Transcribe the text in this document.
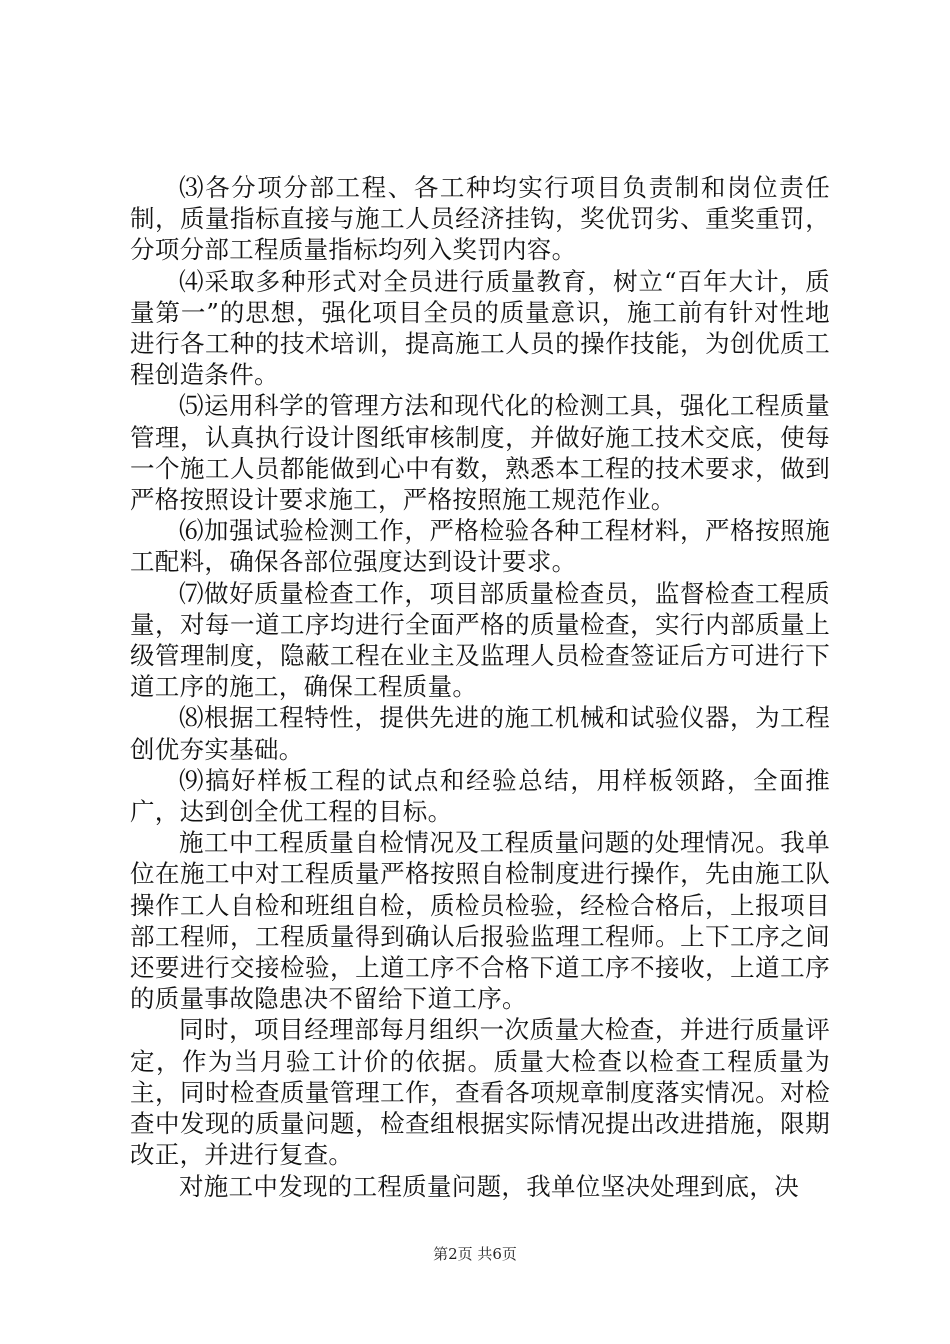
⑶各分项分部工程、各工种均实行项目负责制和岗位责任制，质量指标直接与施工人员经济挂钩，奖优罚劣、重奖重罚，分项分部工程质量指标均列入奖罚内容。

⑷采取多种形式对全员进行质量教育，树立“百年大计，质量第一”的思想，强化项目全员的质量意识，施工前有针对性地进行各工种的技术培训，提高施工人员的操作技能，为创优质工程创造条件。

⑸运用科学的管理方法和现代化的检测工具，强化工程质量管理，认真执行设计图纸审核制度，并做好施工技术交底，使每一个施工人员都能做到心中有数，熟悉本工程的技术要求，做到严格按照设计要求施工，严格按照施工规范作业。

⑹加强试验检测工作，严格检验各种工程材料，严格按照施工配料，确保各部位强度达到设计要求。

⑺做好质量检查工作，项目部质量检查员，监督检查工程质量，对每一道工序均进行全面严格的质量检查，实行内部质量上级管理制度，隐蔽工程在业主及监理人员检查签证后方可进行下道工序的施工，确保工程质量。

⑻根据工程特性，提供先进的施工机械和试验仪器，为工程创优夯实基础。

⑼搞好样板工程的试点和经验总结，用样板领路，全面推广，达到创全优工程的目标。

施工中工程质量自检情况及工程质量问题的处理情况。我单位在施工中对工程质量严格按照自检制度进行操作，先由施工队操作工人自检和班组自检，质检员检验，经检合格后，上报项目部工程师，工程质量得到确认后报验监理工程师。上下工序之间还要进行交接检验，上道工序不合格下道工序不接收，上道工序的质量事故隐患决不留给下道工序。

同时，项目经理部每月组织一次质量大检查，并进行质量评定，作为当月验工计价的依据。质量大检查以检查工程质量为主，同时检查质量管理工作，查看各项规章制度落实情况。对检查中发现的质量问题，检查组根据实际情况提出改进措施，限期改正，并进行复查。

对施工中发现的工程质量问题，我单位坚决处理到底，决

第2页 共6页
